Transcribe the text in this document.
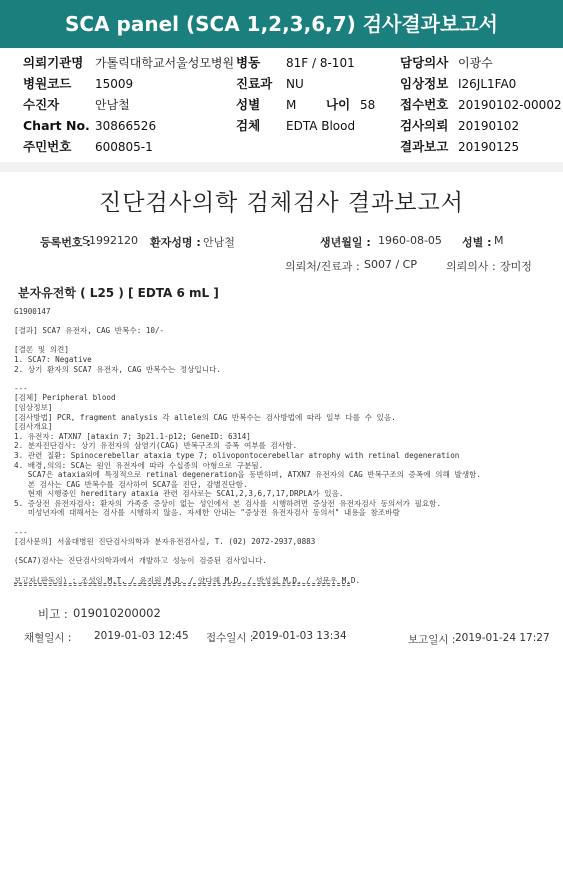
SCA panel (SCA 1,2,3,6,7) 검사결과보고서
의뢰기관명 가톨릭대학교서울성모병원 병동 81F / 8-101	담당의사 이광수
병원코드 15009	진료과 NU	임상정보 I26JL1FA0
수진자	안남철	성별 M 나이 58 접수번호 20190102-00002
Chart No. 30866526	검체 EDTA Blood	검사의뢰 20190102
주민번호 600805-1	결과보고 20190125
진단검사의학 검체검사 결과보고서
등록번호 :
S1992120 환자성명 : 안남철	생년월일 : 1960-08-05 성별 : M
의뢰처/진료과 : S007 / CP	의뢰의사 : 장미정
분자유전학 ( L25 ) [ EDTA 6 mL ]
G1900147
[결과] SCA7 유전자, CAG 반복수: 10/-
[결론 및 의견]
1. SCA7: Negative
2. 상기 환자의 SCA7 유전자, CAG 반복수는 정상입니다.
---
[검체] Peripheral blood
[임상정보]
[검사방법] PCR, fragment analysis 각 allele의 CAG 반복수는 검사방법에 따라 일부 다를 수 있음.
[검사개요]
1. 유전자: ATXN7 [ataxin 7; 3p21.1-p12; GeneID: 6314]
2. 분자진단검사: 상기 유전자의 삼염기(CAG) 반복구조의 증폭 여부를 검사함.
3. 관련 질환: Spinocerebellar ataxia type 7; olivopontocerebellar atrophy with retinal degeneration
4. 배경,의의: SCA는 원인 유전자에 따라 수십종의 아형으로 구분됨.
SCA7은 ataxia외에 특징적으로 retinal degeneration을 동반하며, ATXN7 유전자의 CAG 반복구조의 증폭에 의해 발생함.
본 검사는 CAG 반복수를 검사하여 SCA7을 진단, 감별진단함.
현재 시행중인 hereditary ataxia 관련 검사로는 SCA1,2,3,6,7,17,DRPLA가 있음.
5. 증상전 유전자검사: 환자의 가족중 증상이 없는 성인에서 본 검사를 시행하려면 증상전 유전자검사 동의서가 필요함.
미성년자에 대해서는 검사를 시행하지 않음. 자세한 안내는 "증상전 유전자검사 동의서" 내용을 참조바람
---
[검사문의] 서울대병원 진단검사의학과 분자유전검사실, T. (02) 2072-2937,0883
(SCA7)검사는 진단검사의학과에서 개발하고 성능이 검증된 검사입니다.
보고자(판독의) : 조성임 M.T. / 윤지원 M.D. / 양다해 M.D. / 박성섭 M.D. / 성문우 M.D.
비고 : 019010200002
채혈일시 : 2019-01-03 12:45 접수일시 :
2019-01-03 13:34	보고일시 : 2019-01-24 17:27
